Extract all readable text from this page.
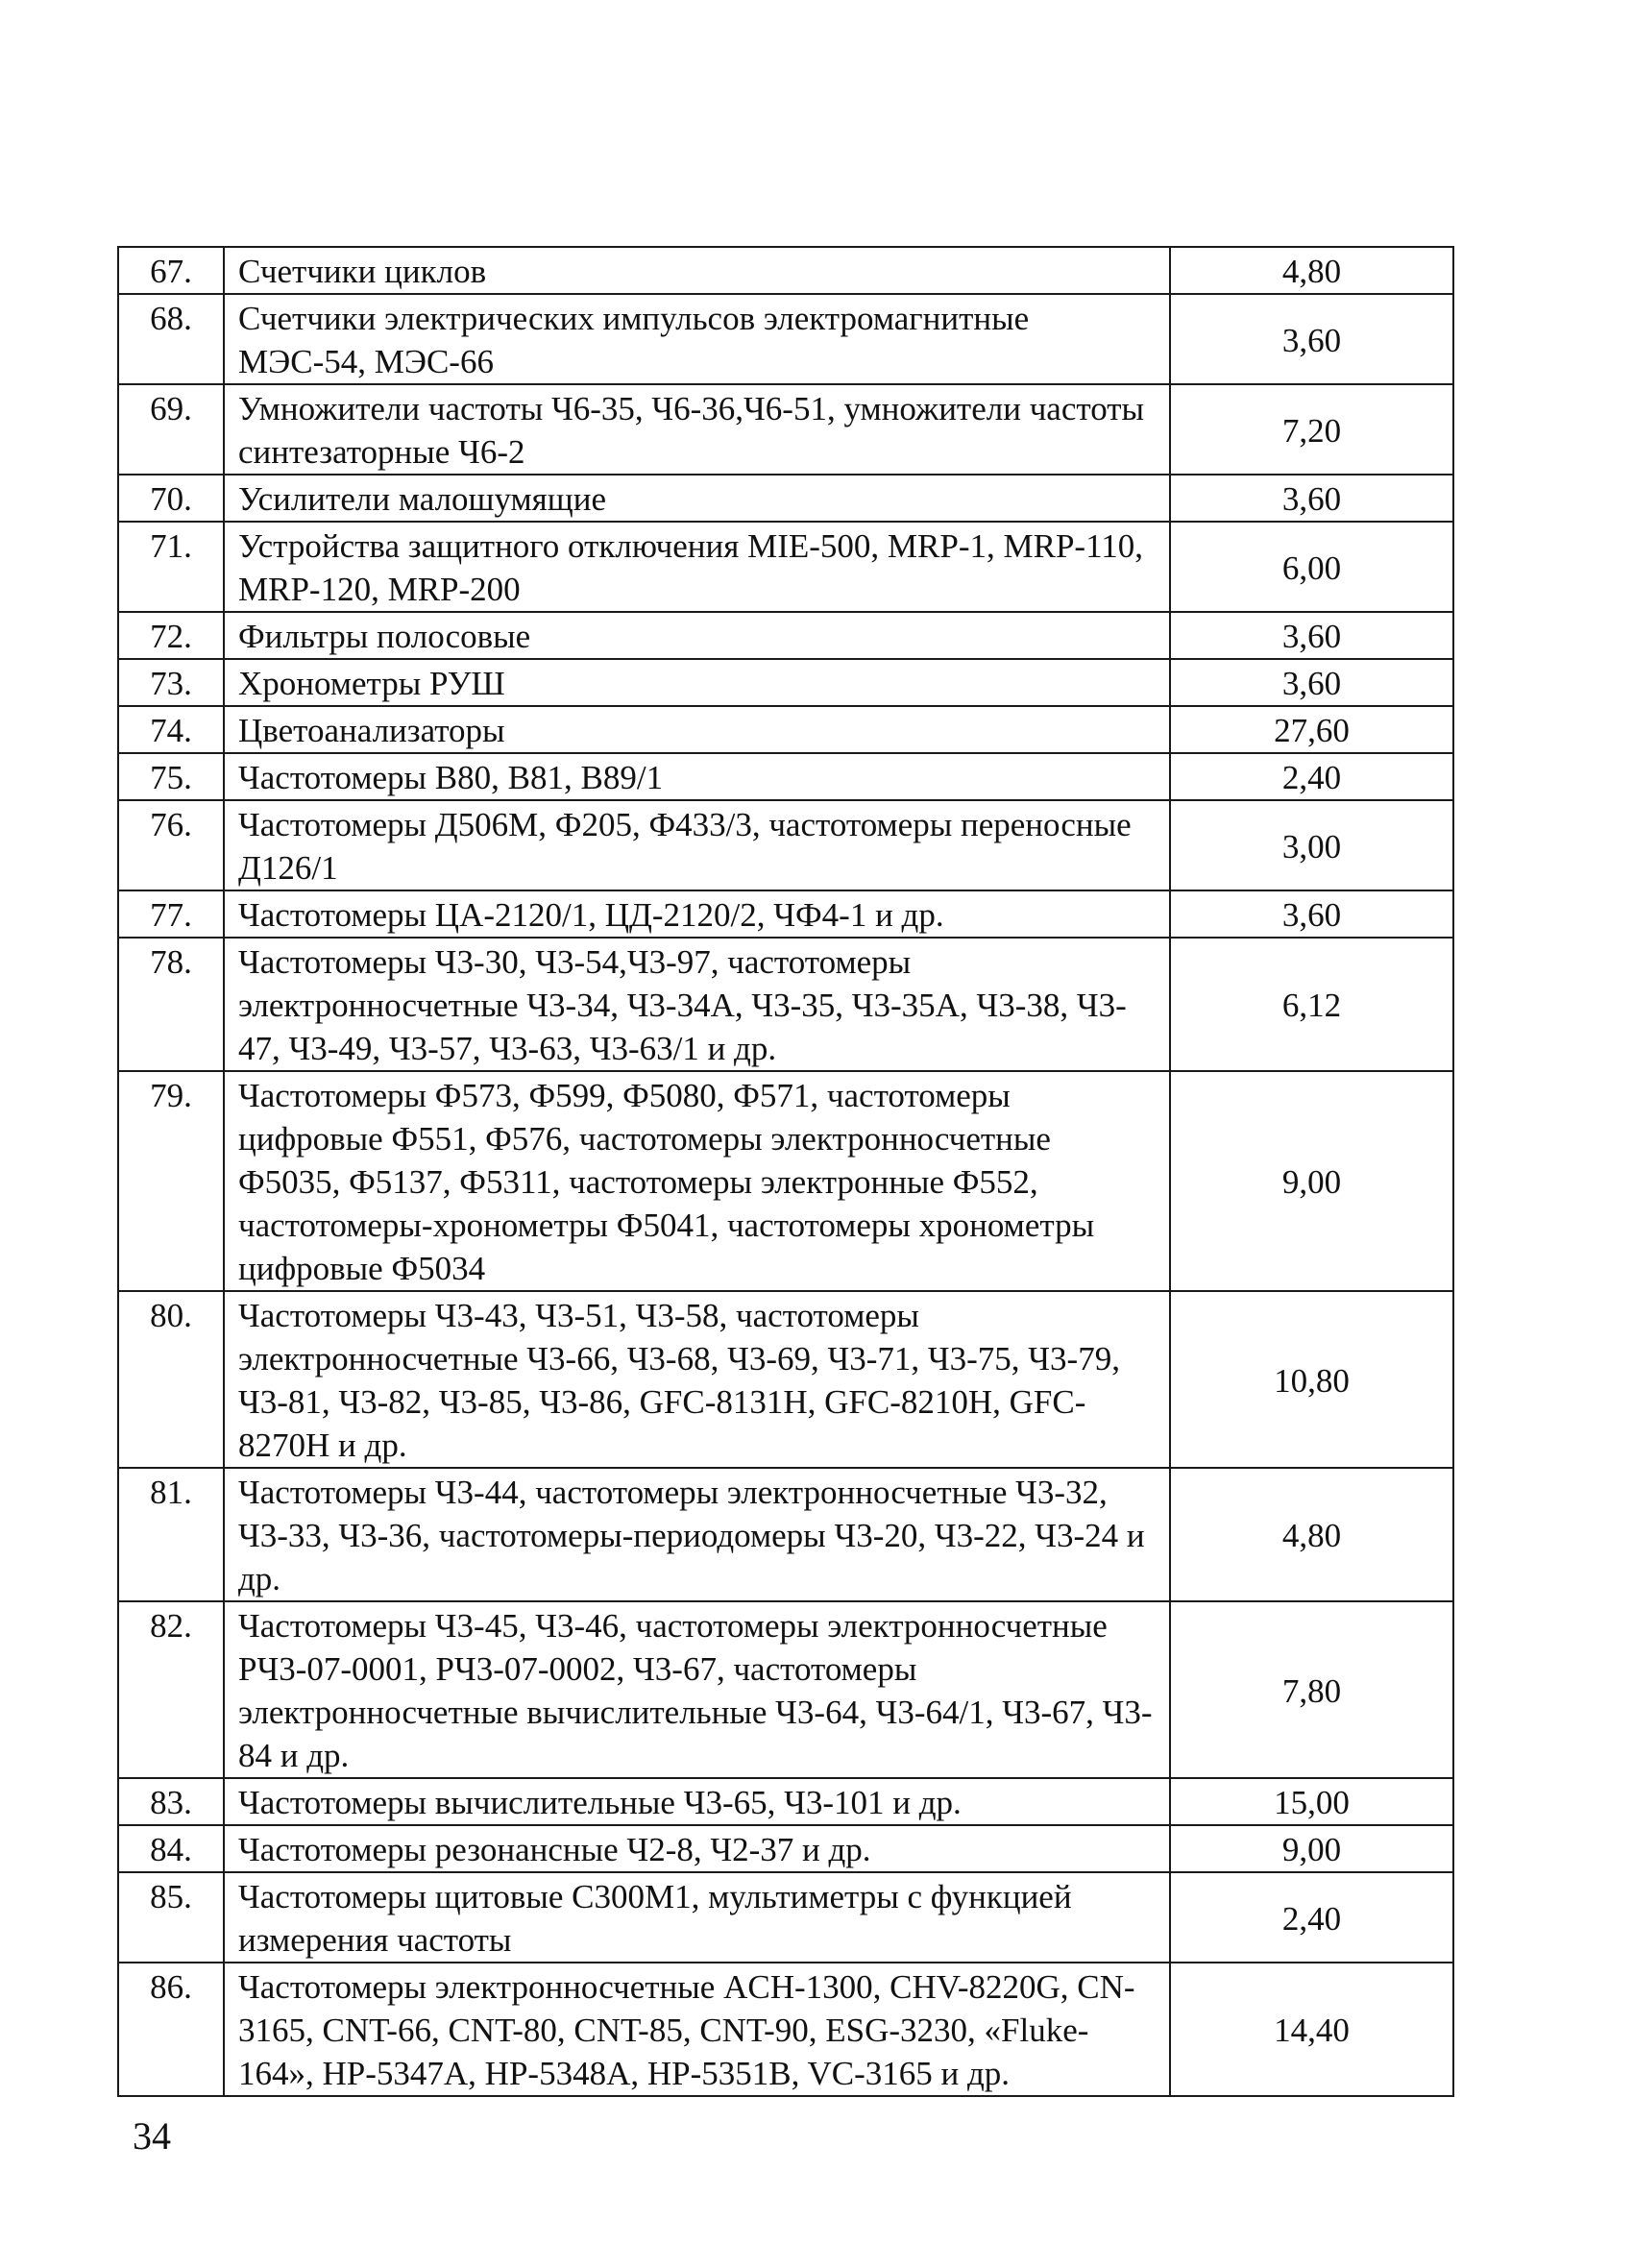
67.	Счетчики циклов	4,80
68.	Счетчики электрических импульсов электромагнитные МЭС-54, МЭС-66	3,60
69.	Умножители частоты Ч6-35, Ч6-36,Ч6-51, умножители частоты синтезаторные Ч6-2	7,20
70.	Усилители малошумящие	3,60
71.	Устройства защитного отключения MIE-500, MRP-1, MRP-110, MRP-120, MRP-200	6,00
72.	Фильтры полосовые	3,60
73.	Хронометры РУШ	3,60
74.	Цветоанализаторы	27,60
75.	Частотомеры В80, В81, В89/1	2,40
76.	Частотомеры Д506М, Ф205, Ф433/3, частотомеры переносные Д126/1	3,00
77.	Частотомеры ЦА-2120/1, ЦД-2120/2, ЧФ4-1 и др.	3,60
78.	Частотомеры Ч3-30, Ч3-54,Ч3-97, частотомеры электронносчетные Ч3-34, Ч3-34А, Ч3-35, Ч3-35А, Ч3-38, Ч3-47, Ч3-49, Ч3-57, Ч3-63, Ч3-63/1 и др.	6,12
79.	Частотомеры Ф573, Ф599, Ф5080, Ф571, частотомеры цифровые Ф551, Ф576, частотомеры электронносчетные Ф5035, Ф5137, Ф5311, частотомеры электронные Ф552, частотомеры-хронометры Ф5041, частотомеры хронометры цифровые Ф5034	9,00
80.	Частотомеры Ч3-43, Ч3-51, Ч3-58, частотомеры электронносчетные Ч3-66, Ч3-68, Ч3-69, Ч3-71, Ч3-75, Ч3-79, Ч3-81, Ч3-82, Ч3-85, Ч3-86, GFC-8131H, GFC-8210H, GFC-8270H и др.	10,80
81.	Частотомеры Ч3-44, частотомеры электронносчетные Ч3-32, Ч3-33, Ч3-36, частотомеры-периодомеры Ч3-20, Ч3-22, Ч3-24 и др.	4,80
82.	Частотомеры Ч3-45, Ч3-46, частотомеры электронносчетные РЧ3-07-0001, РЧ3-07-0002, Ч3-67, частотомеры электронносчетные вычислительные Ч3-64, Ч3-64/1, Ч3-67, Ч3-84 и др.	7,80
83.	Частотомеры вычислительные Ч3-65, Ч3-101 и др.	15,00
84.	Частотомеры резонансные Ч2-8, Ч2-37 и др.	9,00
85.	Частотомеры щитовые С300М1, мультиметры с функцией измерения частоты	2,40
86.	Частотомеры электронносчетные ACH-1300, CHV-8220G, CN-3165, CNT-66, CNT-80, CNT-85, CNT-90, ESG-3230, «Fluke-164», HP-5347A, HP-5348A, HP-5351B, VC-3165 и др.	14,40
34
